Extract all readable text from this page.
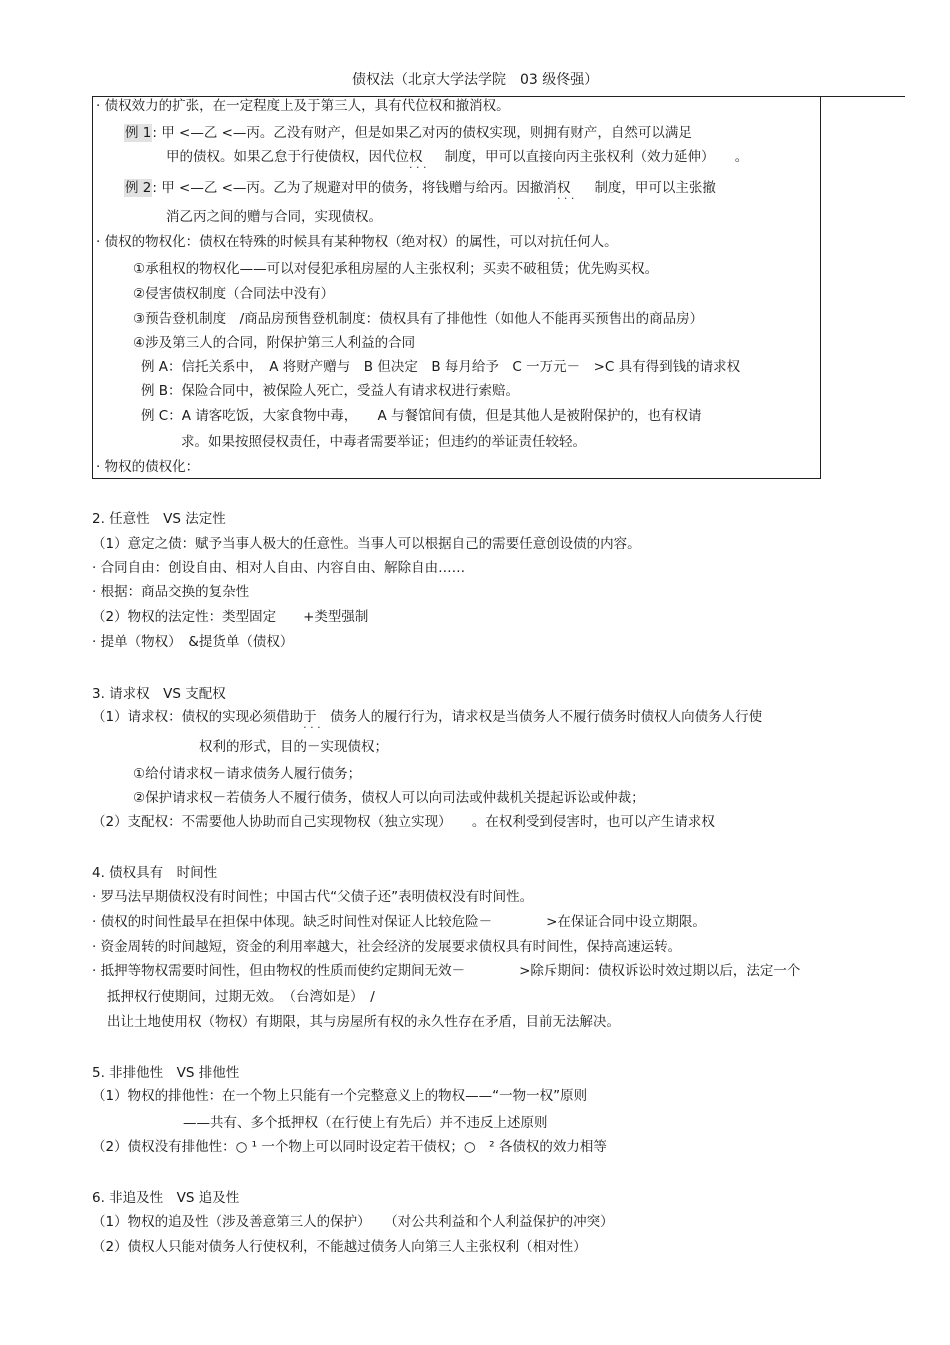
债权法（北京大学法学院　03 级佟强）
· 债权效力的扩张，在一定程度上及于第三人，具有代位权和撤消权。
例 1: 甲 <—乙 <—丙。乙没有财产，但是如果乙对丙的债权实现，则拥有财产，自然可以满足
甲的债权。如果乙怠于行使债权，因代位权 · · · 制度，甲可以直接向丙主张权利（效力延伸）　　。
例 2: 甲 <—乙 <—丙。乙为了规避对甲的债务，将钱赠与给丙。因撤消权 · · · 制度，甲可以主张撤
消乙丙之间的赠与合同，实现债权。
· 债权的物权化：债权在特殊的时候具有某种物权（绝对权）的属性，可以对抗任何人。
①承租权的物权化——可以对侵犯承租房屋的人主张权利；买卖不破租赁；优先购买权。
②侵害债权制度（合同法中没有）
③预告登机制度　/商品房预售登机制度：债权具有了排他性（如他人不能再买预售出的商品房）
④涉及第三人的合同，附保护第三人利益的合同
例 A：信托关系中，　A 将财产赠与　B 但决定　B 每月给予　C 一万元－　>C 具有得到钱的请求权
例 B：保险合同中，被保险人死亡，受益人有请求权进行索赔。
例 C：A 请客吃饭，大家食物中毒，　　A 与餐馆间有债，但是其他人是被附保护的，也有权请
求。如果按照侵权责任，中毒者需要举证；但违约的举证责任较轻。
· 物权的债权化：
2. 任意性　VS 法定性
（1）意定之债：赋予当事人极大的任意性。当事人可以根据自己的需要任意创设债的内容。
· 合同自由：创设自由、相对人自由、内容自由、解除自由……
· 根据：商品交换的复杂性
（2）物权的法定性：类型固定　　+类型强制
· 提单（物权）　&提货单（债权）
3. 请求权　VS 支配权
（1）请求权：债权的实现必须借助于 · · ·　债务人的履行行为，请求权是当债务人不履行债务时债权人向债务人行使
权利的形式，目的－实现债权；
①给付请求权－请求债务人履行债务；
②保护请求权－若债务人不履行债务，债权人可以向司法或仲裁机关提起诉讼或仲裁；
（2）支配权：不需要他人协助而自己实现物权（独立实现）　　。在权利受到侵害时，也可以产生请求权
4. 债权具有　时间性
· 罗马法早期债权没有时间性；中国古代“父债子还”表明债权没有时间性。
· 债权的时间性最早在担保中体现。缺乏时间性对保证人比较危险－　　　　>在保证合同中设立期限。
· 资金周转的时间越短，资金的利用率越大，社会经济的发展要求债权具有时间性，保持高速运转。
· 抵押等物权需要时间性，但由物权的性质而使约定期间无效－　　　　>除斥期间：债权诉讼时效过期以后，法定一个
抵押权行使期间，过期无效。　（台湾如是）　/
出让土地使用权（物权）有期限，其与房屋所有权的永久性存在矛盾，目前无法解决。
5. 非排他性　VS 排他性
（1）物权的排他性：在一个物上只能有一个完整意义上的物权——“一物一权”原则
——共有、多个抵押权（在行使上有先后）并不违反上述原则
（2）债权没有排他性：○ ¹ 一个物上可以同时设定若干债权；○　² 各债权的效力相等
6. 非追及性　VS 追及性
（1）物权的追及性（涉及善意第三人的保护）　　（对公共利益和个人利益保护的冲突）
（2）债权人只能对债务人行使权利，不能越过债务人向第三人主张权利（相对性）
